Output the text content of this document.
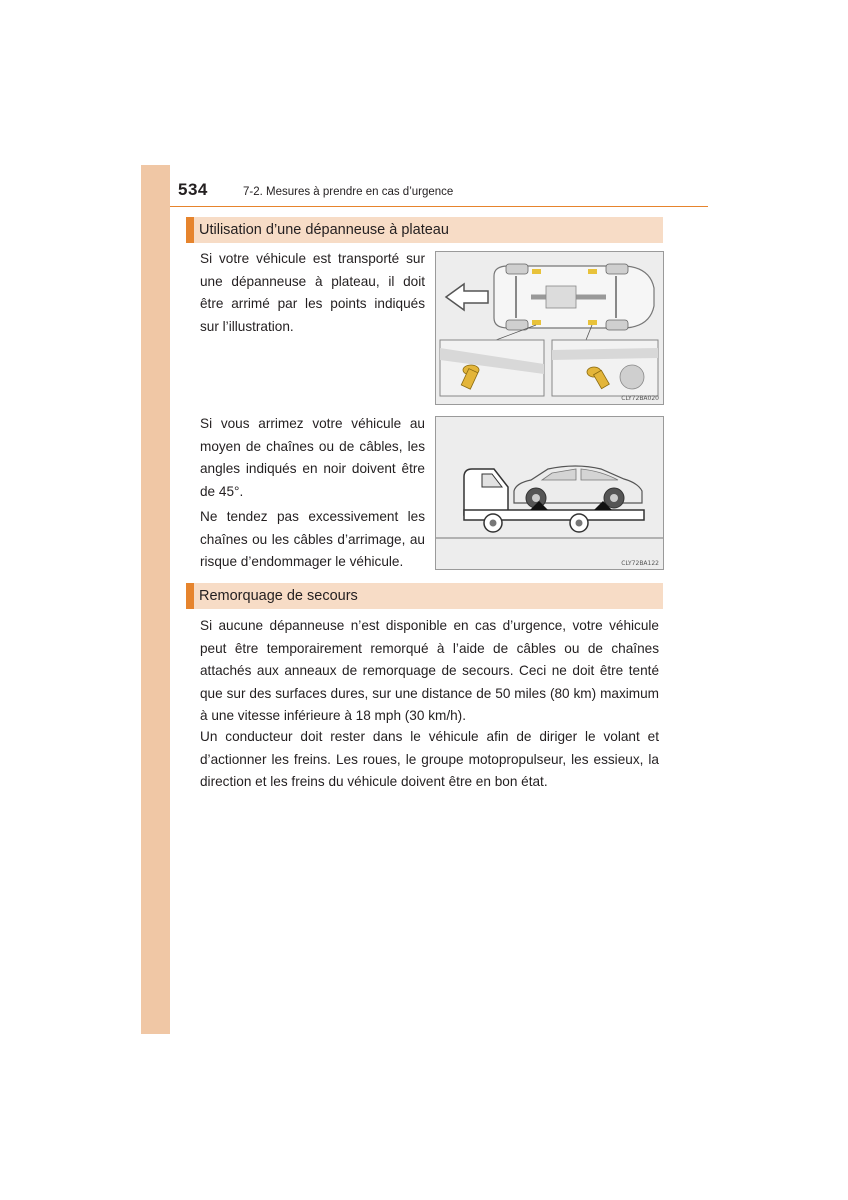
534	7-2. Mesures à prendre en cas d’urgence
Utilisation d’une dépanneuse à plateau

Si votre véhicule est transporté sur une dépanneuse à plateau, il doit être arrimé par les points indiqués sur l’illustration.

CLY72BA020

Si vous arrimez votre véhicule au moyen de chaînes ou de câbles, les angles indiqués en noir doivent être de 45°.

Ne tendez pas excessivement les chaînes ou les câbles d’arrimage, au risque d’endommager le véhicule.	CLY72BA122
Remorquage de secours

Si aucune dépanneuse n’est disponible en cas d’urgence, votre véhicule peut être temporairement remorqué à l’aide de câbles ou de chaînes attachés aux anneaux de remorquage de secours. Ceci ne doit être tenté que sur des surfaces dures, sur une distance de 50 miles (80 km) maximum à une vitesse inférieure à 18 mph (30 km/h).

Un conducteur doit rester dans le véhicule afin de diriger le volant et d’actionner les freins. Les roues, le groupe motopropulseur, les essieux, la direction et les freins du véhicule doivent être en bon état.
